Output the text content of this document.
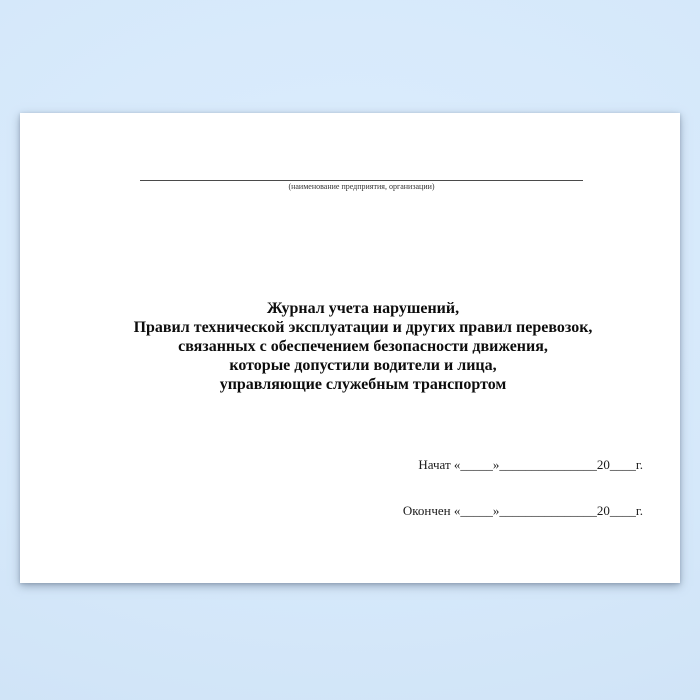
(наименование предприятия, организации)
Журнал учета нарушений,
Правил технической эксплуатации и других правил перевозок,
связанных с обеспечением безопасности движения,
которые допустили водители и лица,
управляющие служебным транспортом
Начат «_____»_______________20____г.
Окончен «_____»_______________20____г.
